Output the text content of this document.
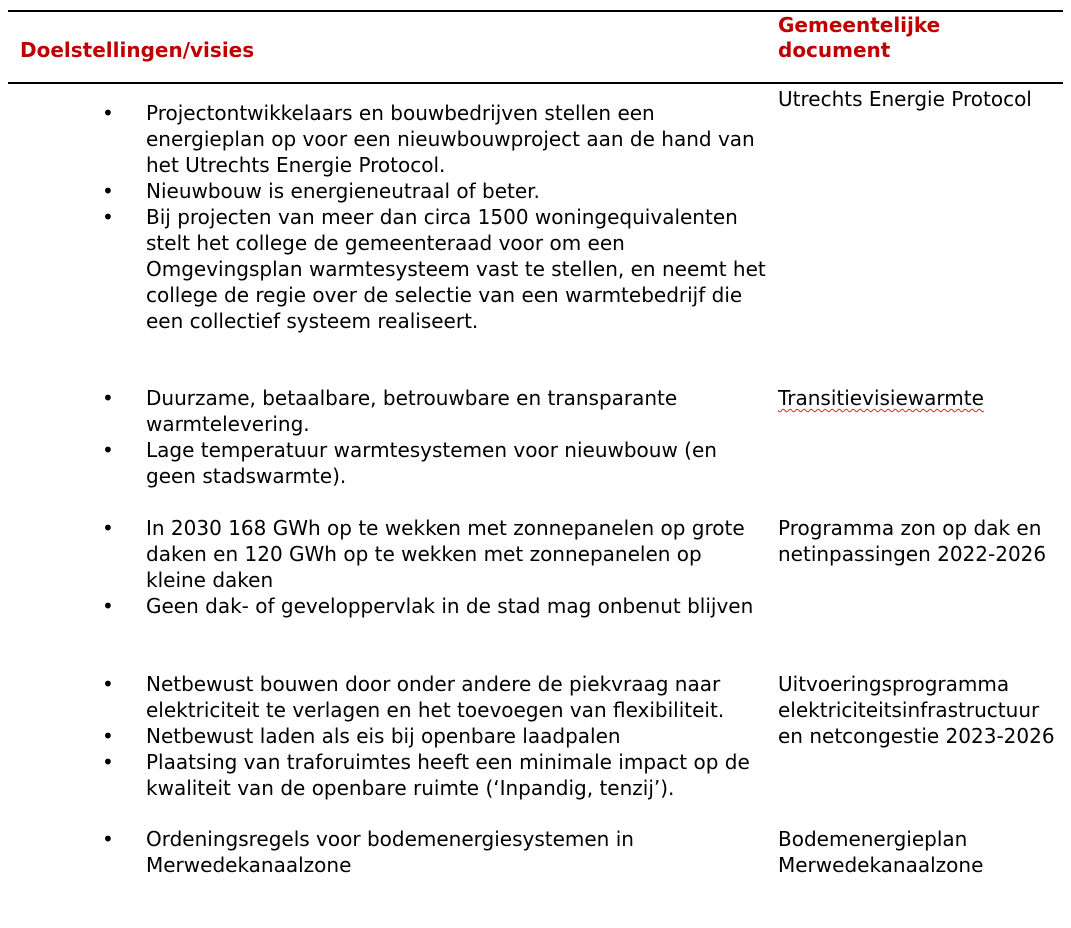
Gemeentelijke document
Doelstellingen/visies
• Projectontwikkelaars en bouwbedrijven stellen een energieplan op voor een nieuwbouwproject aan de hand van het Utrechts Energie Protocol.
• Nieuwbouw is energieneutraal of beter.
• Bij projecten van meer dan circa 1500 woningequivalenten stelt het college de gemeenteraad voor om een Omgevingsplan warmtesysteem vast te stellen, en neemt het college de regie over de selectie van een warmtebedrijf die een collectief systeem realiseert.
Utrechts Energie Protocol
• Duurzame, betaalbare, betrouwbare en transparante warmtelevering.
• Lage temperatuur warmtesystemen voor nieuwbouw (en geen stadswarmte).
Transitievisiewarmte
• In 2030 168 GWh op te wekken met zonnepanelen op grote daken en 120 GWh op te wekken met zonnepanelen op kleine daken
• Geen dak- of geveloppervlak in de stad mag onbenut blijven
Programma zon op dak en netinpassingen 2022-2026
• Netbewust bouwen door onder andere de piekvraag naar elektriciteit te verlagen en het toevoegen van flexibiliteit.
• Netbewust laden als eis bij openbare laadpalen
• Plaatsing van traforuimtes heeft een minimale impact op de kwaliteit van de openbare ruimte (‘Inpandig, tenzij’).
Uitvoeringsprogramma elektriciteitsinfrastructuur en netcongestie 2023-2026
• Ordeningsregels voor bodemenergiesystemen in Merwedekanaalzone
Bodemenergieplan Merwedekanaalzone
